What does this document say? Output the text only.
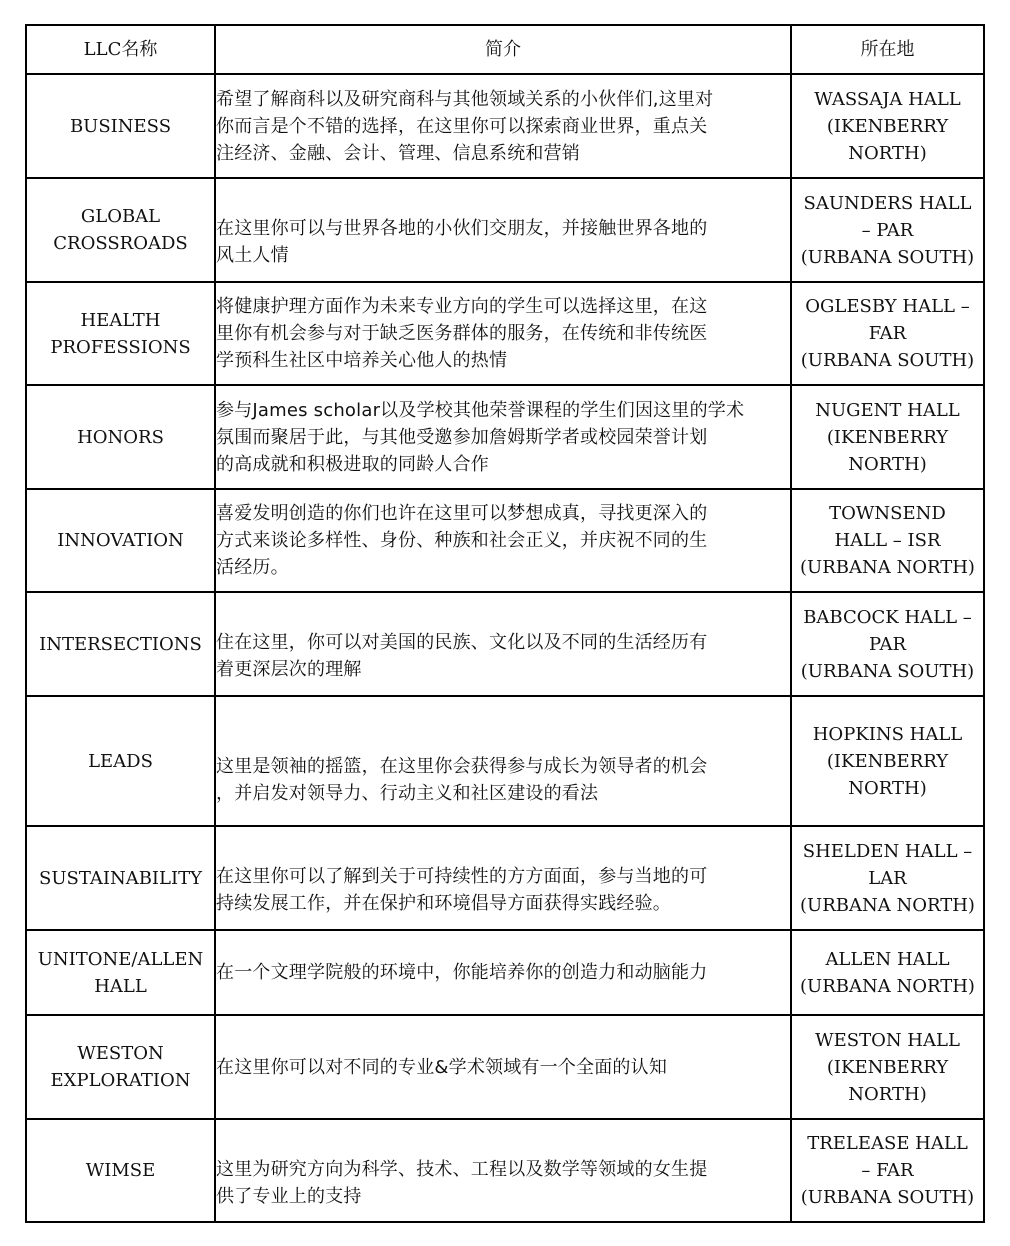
LLC名称	简介	所在地
BUSINESS	希望了解商科以及研究商科与其他领域关系的小伙伴们,这里对
你而言是个不错的选择，在这里你可以探索商业世界，重点关
注经济、金融、会计、管理、信息系统和营销	WASSAJA HALL
(IKENBERRY
NORTH)

GLOBAL
CROSSROADS	在这里你可以与世界各地的小伙们交朋友，并接触世界各地的
风土人情	SAUNDERS HALL
– PAR
(URBANA SOUTH)

HEALTH
PROFESSIONS	将健康护理方面作为未来专业方向的学生可以选择这里，在这
里你有机会参与对于缺乏医务群体的服务，在传统和非传统医
学预科生社区中培养关心他人的热情	OGLESBY HALL –
FAR
(URBANA SOUTH)

HONORS	参与James scholar以及学校其他荣誉课程的学生们因这里的学术
氛围而聚居于此，与其他受邀参加詹姆斯学者或校园荣誉计划
的高成就和积极进取的同龄人合作	NUGENT HALL
(IKENBERRY
NORTH)

INNOVATION	喜爱发明创造的你们也许在这里可以梦想成真，寻找更深入的
方式来谈论多样性、身份、种族和社会正义，并庆祝不同的生
活经历。	TOWNSEND
HALL – ISR
(URBANA NORTH)

INTERSECTIONS	住在这里，你可以对美国的民族、文化以及不同的生活经历有
着更深层次的理解	BABCOCK HALL –
PAR
(URBANA SOUTH)

LEADS	这里是领袖的摇篮，在这里你会获得参与成长为领导者的机会
，并启发对领导力、行动主义和社区建设的看法	HOPKINS HALL
(IKENBERRY
NORTH)

SUSTAINABILITY	在这里你可以了解到关于可持续性的方方面面，参与当地的可
持续发展工作，并在保护和环境倡导方面获得实践经验。	SHELDEN HALL –
LAR
(URBANA NORTH)

UNITONE/ALLEN
HALL	在一个文理学院般的环境中，你能培养你的创造力和动脑能力	ALLEN HALL
(URBANA NORTH)

WESTON
EXPLORATION	在这里你可以对不同的专业&学术领域有一个全面的认知	WESTON HALL
(IKENBERRY
NORTH)

WIMSE	这里为研究方向为科学、技术、工程以及数学等领域的女生提
供了专业上的支持	TRELEASE HALL
– FAR
(URBANA SOUTH)
